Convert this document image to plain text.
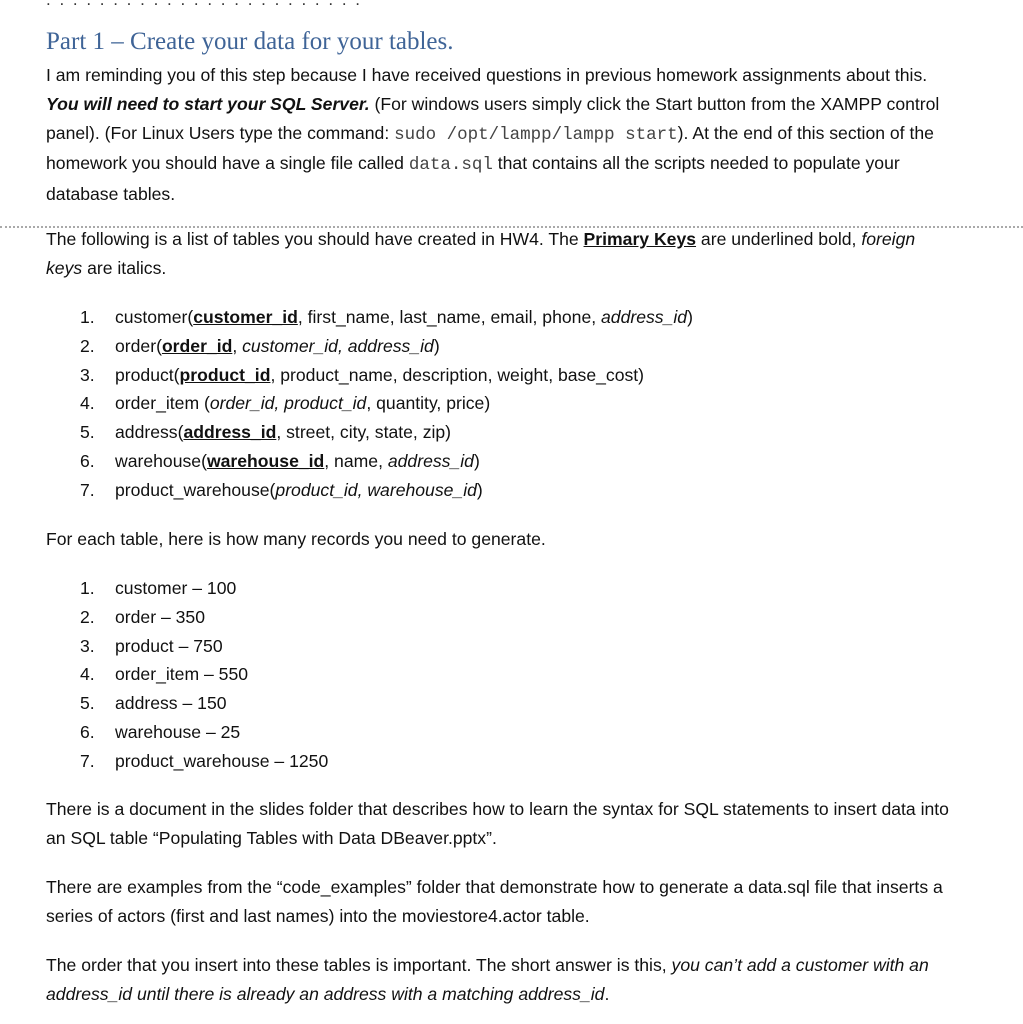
Part 1 – Create your data for your tables.

I am reminding you of this step because I have received questions in previous homework assignments about this. You will need to start your SQL Server. (For windows users simply click the Start button from the XAMPP control panel). (For Linux Users type the command: sudo /opt/lampp/lampp start). At the end of this section of the homework you should have a single file called data.sql that contains all the scripts needed to populate your database tables.

The following is a list of tables you should have created in HW4. The Primary Keys are underlined bold, foreign keys are italics.

1. customer(customer_id, first_name, last_name, email, phone, address_id)
2. order(order_id, customer_id, address_id)
3. product(product_id, product_name, description, weight, base_cost)
4. order_item (order_id, product_id, quantity, price)
5. address(address_id, street, city, state, zip)
6. warehouse(warehouse_id, name, address_id)
7. product_warehouse(product_id, warehouse_id)

For each table, here is how many records you need to generate.

1. customer – 100
2. order – 350
3. product – 750
4. order_item – 550
5. address – 150
6. warehouse – 25
7. product_warehouse – 1250

There is a document in the slides folder that describes how to learn the syntax for SQL statements to insert data into an SQL table “Populating Tables with Data DBeaver.pptx”.

There are examples from the “code_examples” folder that demonstrate how to generate a data.sql file that inserts a series of actors (first and last names) into the moviestore4.actor table.

The order that you insert into these tables is important. The short answer is this, you can’t add a customer with an address_id until there is already an address with a matching address_id.
